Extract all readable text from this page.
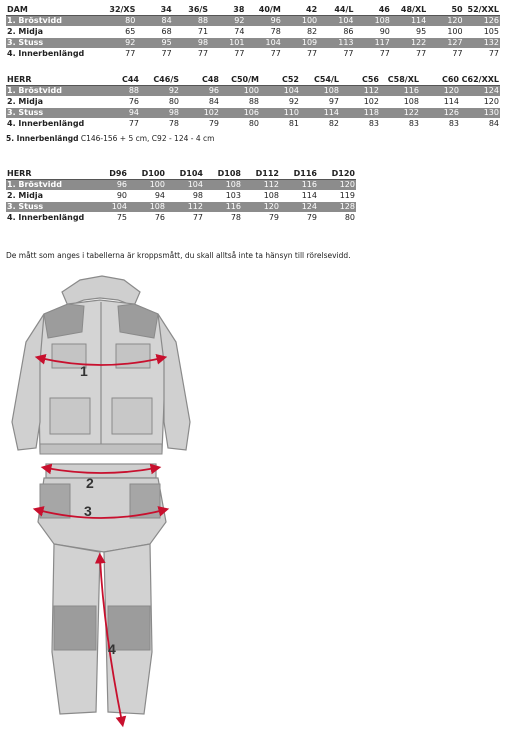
DAM	32/XS	34	36/S	38	40/M	42	44/L	46	48/XL	50	52/XXL
1. Bröstvidd	80	84	88	92	96	100	104	108	114	120	126
2. Midja	65	68	71	74	78	82	86	90	95	100	105
3. Stuss	92	95	98	101	104	109	113	117	122	127	132
4. Innerbenlängd	77	77	77	77	77	77	77	77	77	77	77
HERR	C44	C46/S	C48	C50/M	C52	C54/L	C56	C58/XL	C60	C62/XXL
1. Bröstvidd	88	92	96	100	104	108	112	116	120	124
2. Midja	76	80	84	88	92	97	102	108	114	120
3. Stuss	94	98	102	106	110	114	118	122	126	130
4. Innerbenlängd	77	78	79	80	81	82	83	83	83	84
5. Innerbenlängd C146-156 + 5 cm, C92 - 124 - 4 cm
HERR	D96	D100	D104	D108	D112	D116	D120
1. Bröstvidd	96	100	104	108	112	116	120
2. Midja	90	94	98	103	108	114	119
3. Stuss	104	108	112	116	120	124	128
4. Innerbenlängd	75	76	77	78	79	79	80
De mått som anges i tabellerna är kroppsmått, du skall alltså inte ta hänsyn till rörelsevidd.
1
2
3
4
